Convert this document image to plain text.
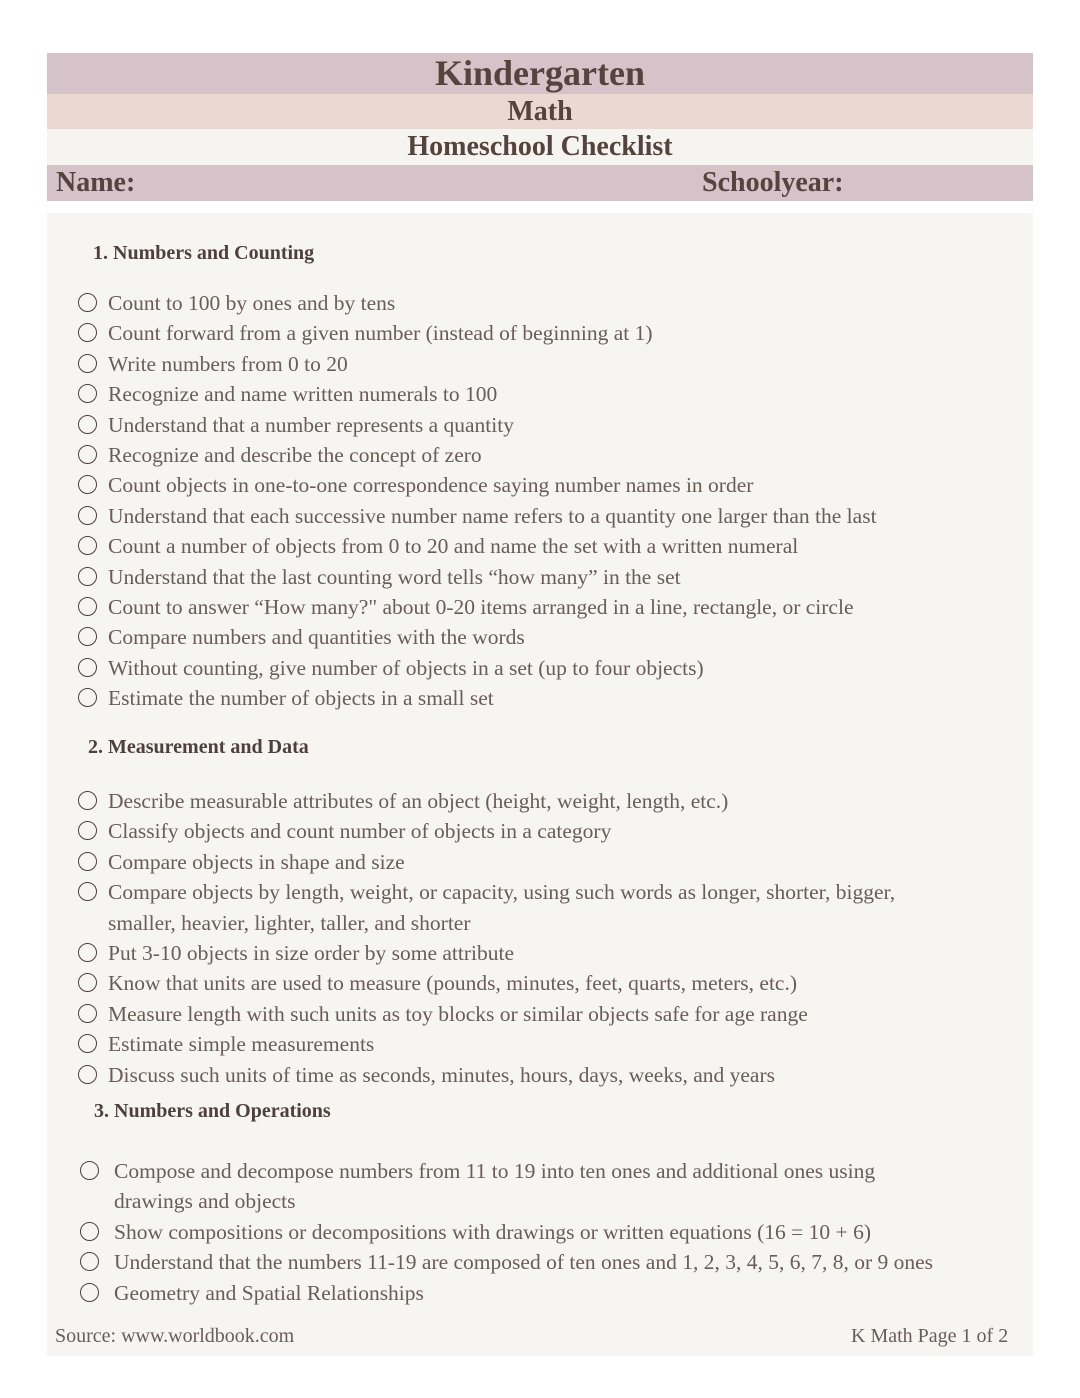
Kindergarten
Math
Homeschool Checklist
Name:	Schoolyear:
1. Numbers and Counting
Count to 100 by ones and by tens
Count forward from a given number (instead of beginning at 1)
Write numbers from 0 to 20
Recognize and name written numerals to 100
Understand that a number represents a quantity
Recognize and describe the concept of zero
Count objects in one-to-one correspondence saying number names in order
Understand that each successive number name refers to a quantity one larger than the last
Count a number of objects from 0 to 20 and name the set with a written numeral
Understand that the last counting word tells “how many” in the set
Count to answer “How many?" about 0-20 items arranged in a line, rectangle, or circle
Compare numbers and quantities with the words
Without counting, give number of objects in a set (up to four objects)
Estimate the number of objects in a small set
2. Measurement and Data
Describe measurable attributes of an object (height, weight, length, etc.)
Classify objects and count number of objects in a category
Compare objects in shape and size
Compare objects by length, weight, or capacity, using such words as longer, shorter, bigger,
smaller, heavier, lighter, taller, and shorter
Put 3-10 objects in size order by some attribute
Know that units are used to measure (pounds, minutes, feet, quarts, meters, etc.)
Measure length with such units as toy blocks or similar objects safe for age range
Estimate simple measurements
Discuss such units of time as seconds, minutes, hours, days, weeks, and years
3. Numbers and Operations
Compose and decompose numbers from 11 to 19 into ten ones and additional ones using
drawings and objects
Show compositions or decompositions with drawings or written equations (16 = 10 + 6)
Understand that the numbers 11-19 are composed of ten ones and 1, 2, 3, 4, 5, 6, 7, 8, or 9 ones
Geometry and Spatial Relationships
Source: www.worldbook.com	K Math Page 1 of 2
